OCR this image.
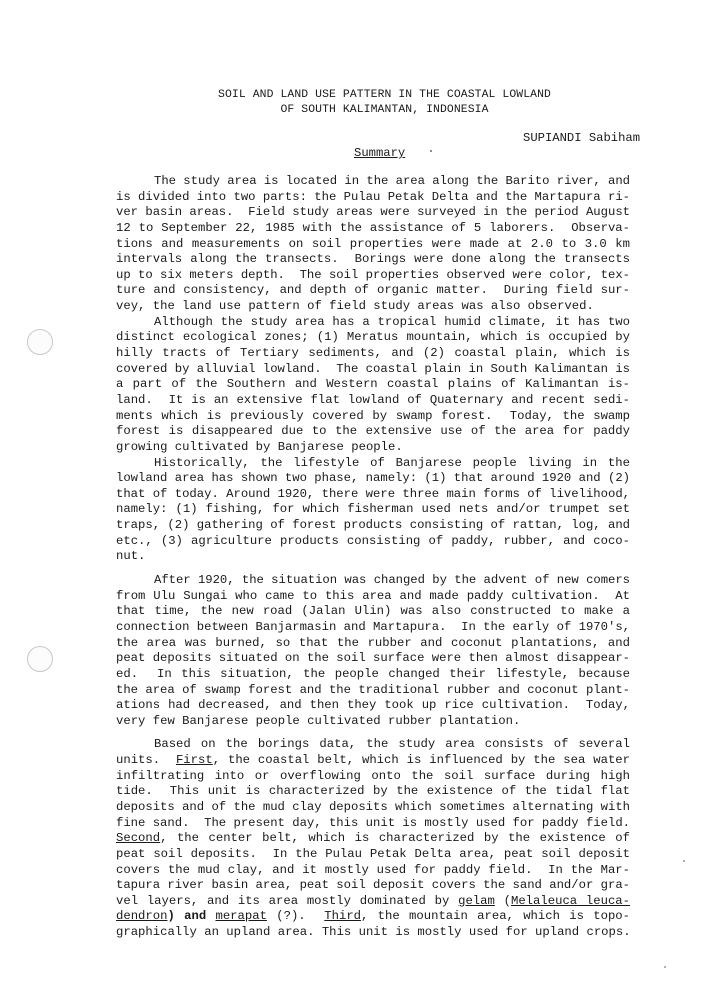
SOIL AND LAND USE PATTERN IN THE COASTAL LOWLAND
OF SOUTH KALIMANTAN, INDONESIA
SUPIANDI Sabiham
Summary
The study area is located in the area along the Barito river, and
is divided into two parts: the Pulau Petak Delta and the Martapura ri-
ver basin areas.  Field study areas were surveyed in the period August
12 to September 22, 1985 with the assistance of 5 laborers.  Observa-
tions and measurements on soil properties were made at 2.0 to 3.0 km
intervals along the transects.  Borings were done along the transects
up to six meters depth.  The soil properties observed were color, tex-
ture and consistency, and depth of organic matter.  During field sur-
vey, the land use pattern of field study areas was also observed.
Although the study area has a tropical humid climate, it has two
distinct ecological zones; (1) Meratus mountain, which is occupied by
hilly tracts of Tertiary sediments, and (2) coastal plain, which is
covered by alluvial lowland.  The coastal plain in South Kalimantan is
a part of the Southern and Western coastal plains of Kalimantan is-
land.  It is an extensive flat lowland of Quaternary and recent sedi-
ments which is previously covered by swamp forest.  Today, the swamp
forest is disappeared due to the extensive use of the area for paddy
growing cultivated by Banjarese people.
Historically, the lifestyle of Banjarese people living in the
lowland area has shown two phase, namely: (1) that around 1920 and (2)
that of today. Around 1920, there were three main forms of livelihood,
namely: (1) fishing, for which fisherman used nets and/or trumpet set
traps, (2) gathering of forest products consisting of rattan, log, and
etc., (3) agriculture products consisting of paddy, rubber, and coco-
nut.
After 1920, the situation was changed by the advent of new comers
from Ulu Sungai who came to this area and made paddy cultivation.  At
that time, the new road (Jalan Ulin) was also constructed to make a
connection between Banjarmasin and Martapura.  In the early of 1970's,
the area was burned, so that the rubber and coconut plantations, and
peat deposits situated on the soil surface were then almost disappear-
ed.  In this situation, the people changed their lifestyle, because
the area of swamp forest and the traditional rubber and coconut plant-
ations had decreased, and then they took up rice cultivation.  Today,
very few Banjarese people cultivated rubber plantation.
Based on the borings data, the study area consists of several
units.  First, the coastal belt, which is influenced by the sea water
infiltrating into or overflowing onto the soil surface during high
tide.  This unit is characterized by the existence of the tidal flat
deposits and of the mud clay deposits which sometimes alternating with
fine sand.  The present day, this unit is mostly used for paddy field.
Second, the center belt, which is characterized by the existence of
peat soil deposits.  In the Pulau Petak Delta area, peat soil deposit
covers the mud clay, and it mostly used for paddy field.  In the Mar-
tapura river basin area, peat soil deposit covers the sand and/or gra-
vel layers, and its area mostly dominated by gelam (Melaleuca leuca-
dendron) and merapat (?).  Third, the mountain area, which is topo-
graphically an upland area. This unit is mostly used for upland crops.
